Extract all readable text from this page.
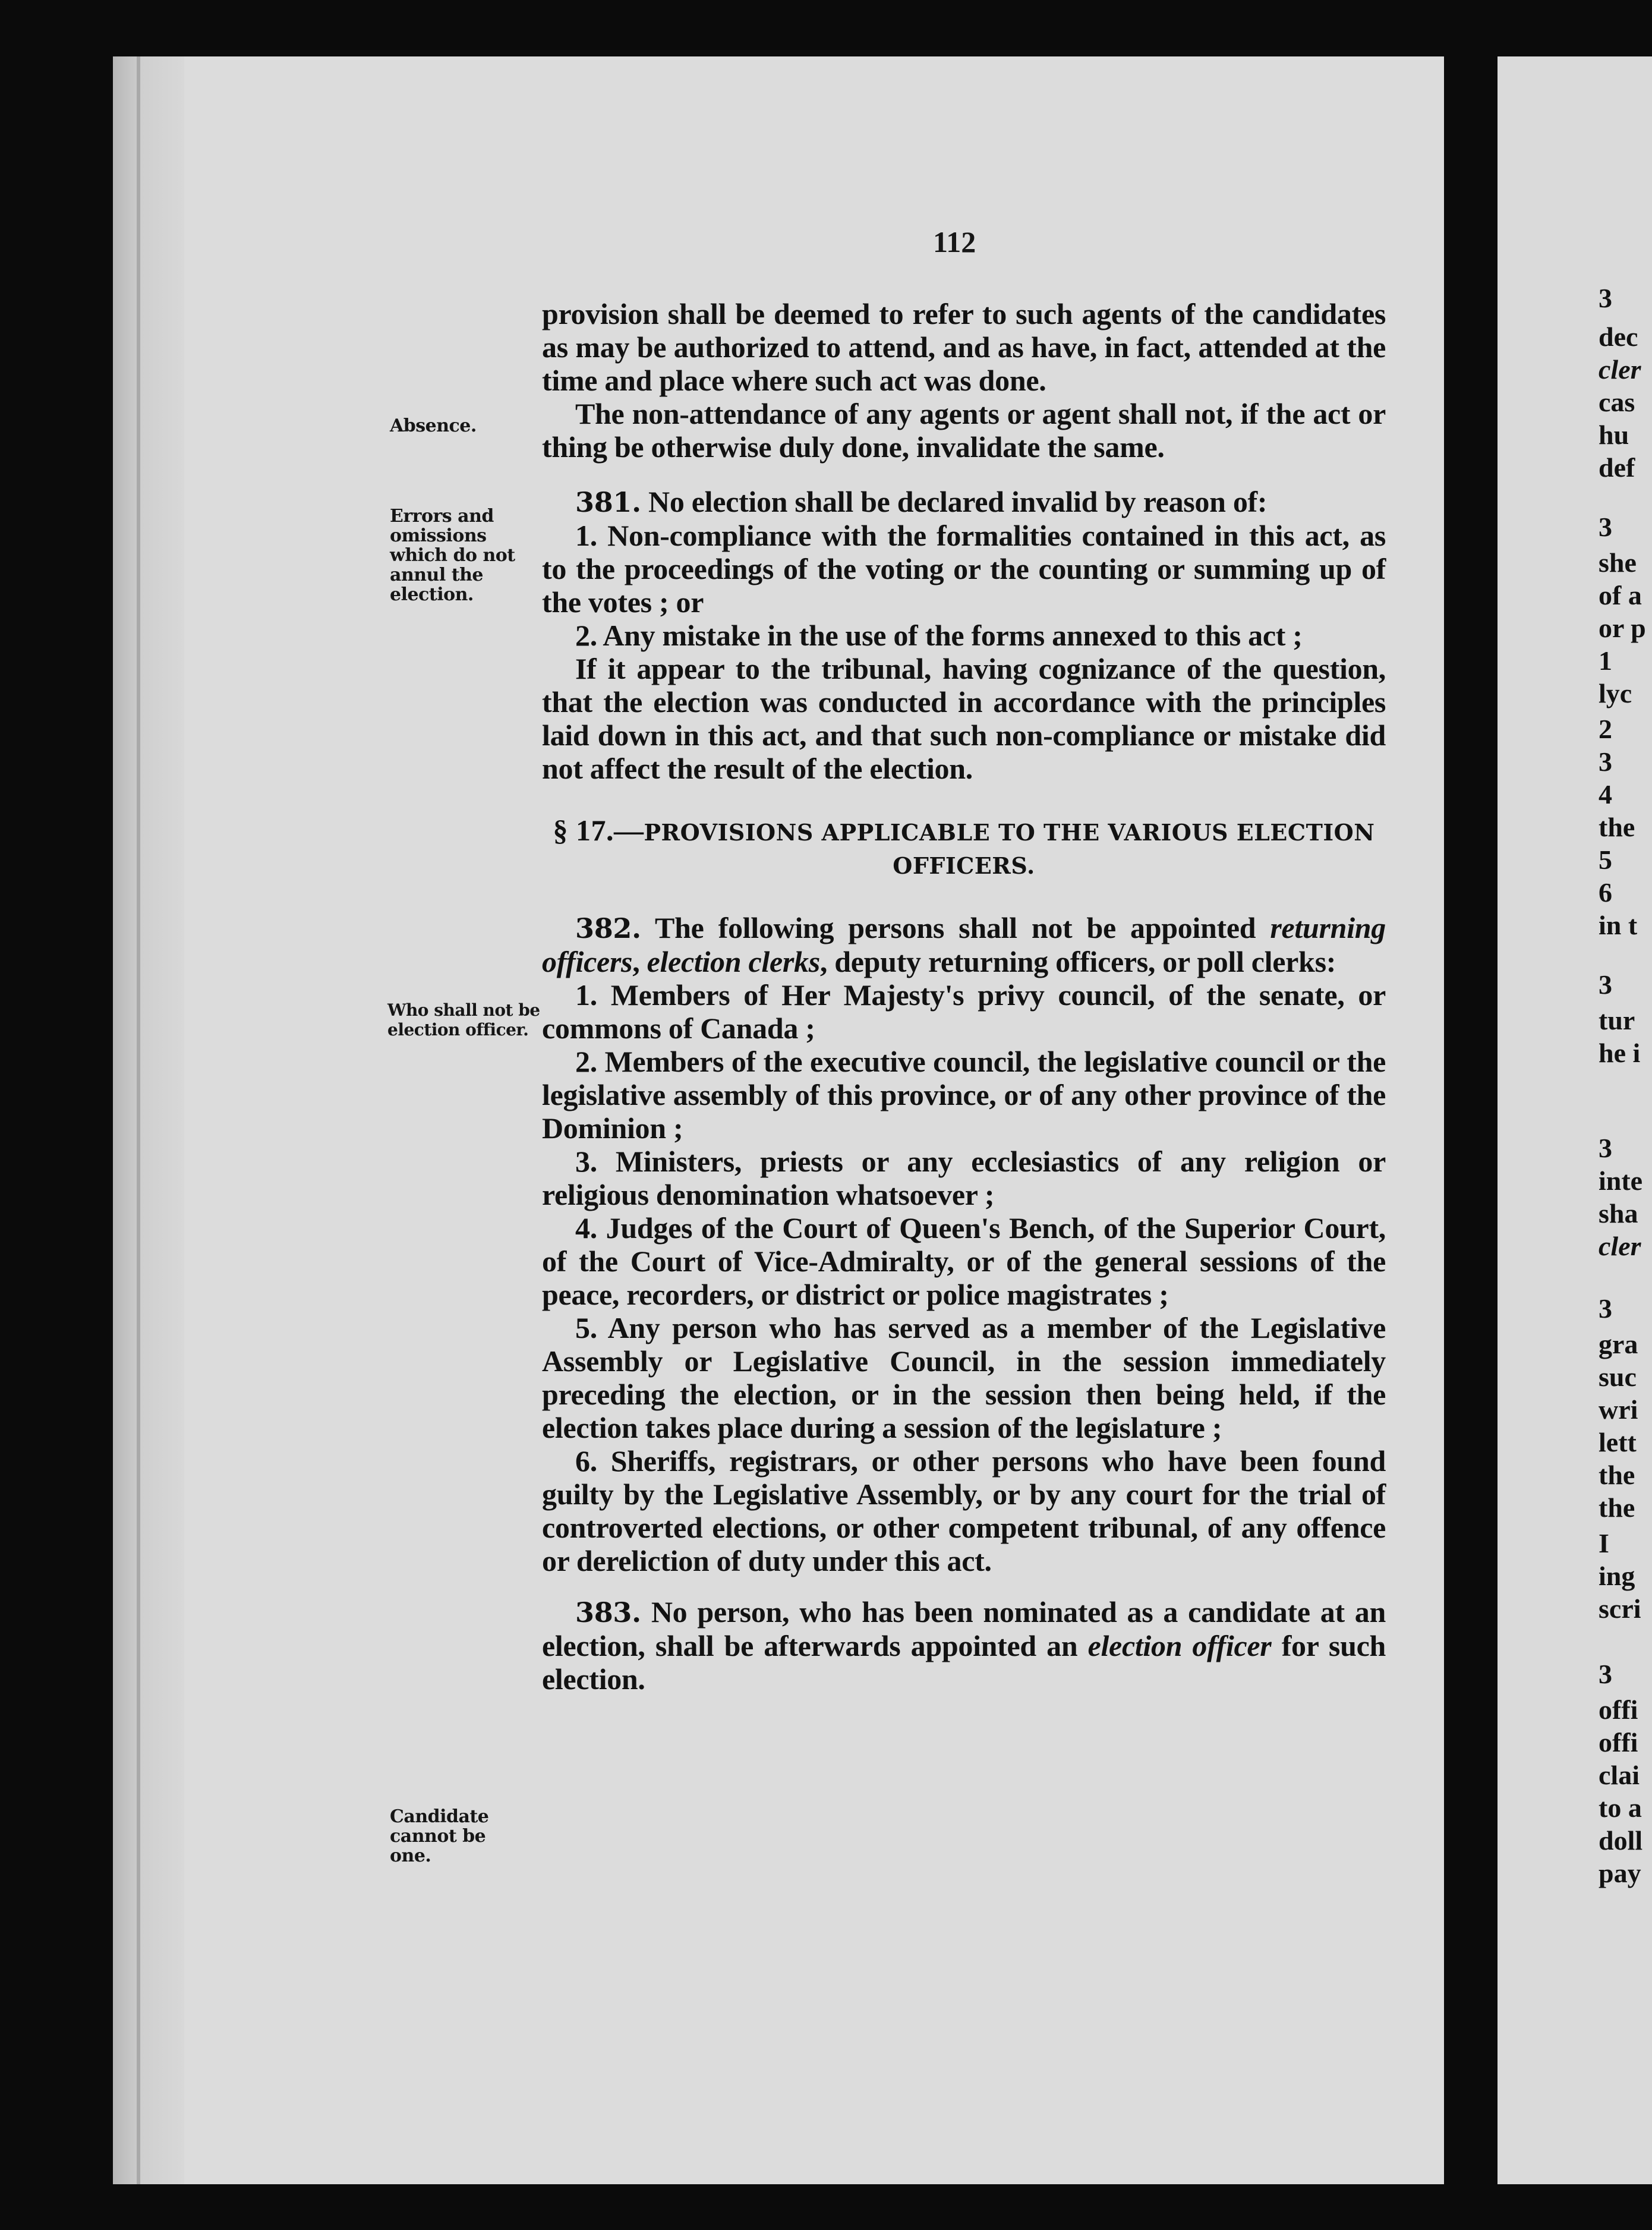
112
Absence.
Errors and
omissions
which do not
annul the
election.
Who shall not be
election officer.
Candidate
cannot be one.

provision shall be deemed to refer to such agents of the candidates as may be authorized to attend, and as have, in fact, attended at the time and place where such act was done.

The non-attendance of any agents or agent shall not, if the act or thing be otherwise duly done, invalidate the same.

381. No election shall be declared invalid by reason of:

1. Non-compliance with the formalities contained in this act, as to the proceedings of the voting or the counting or summing up of the votes ; or

2. Any mistake in the use of the forms annexed to this act ;

If it appear to the tribunal, having cognizance of the question, that the election was conducted in accordance with the principles laid down in this act, and that such non-compliance or mistake did not affect the result of the election.

§ 17.—PROVISIONS APPLICABLE TO THE VARIOUS ELECTION

OFFICERS.

382. The following persons shall not be appointed returning officers, election clerks, deputy returning officers, or poll clerks:

1. Members of Her Majesty's privy council, of the senate, or commons of Canada ;

2. Members of the executive council, the legislative council or the legislative assembly of this province, or of any other province of the Dominion ;

3. Ministers, priests or any ecclesiastics of any religion or religious denomination whatsoever ;

4. Judges of the Court of Queen's Bench, of the Superior Court, of the Court of Vice-Admiralty, or of the general sessions of the peace, recorders, or district or police magistrates ;

5. Any person who has served as a member of the Legislative Assembly or Legislative Council, in the session immediately preceding the election, or in the session then being held, if the election takes place during a session of the legislature ;

6. Sheriffs, registrars, or other persons who have been found guilty by the Legislative Assembly, or by any court for the trial of controverted elections, or other competent tribunal, of any offence or dereliction of duty under this act.

383. No person, who has been nominated as a candidate at an election, shall be afterwards appointed an election officer for such election.

3
dec
cler
cas
hu
def
3
she
of a
or p
1
lyc
2
3
4
the
5
6
in t
3
tur
he i
3
inte
sha
cler
3
gra
suc
wri
lett
the
the
I
ing
scri
3
offi
offi
clai
to a
doll
pay
